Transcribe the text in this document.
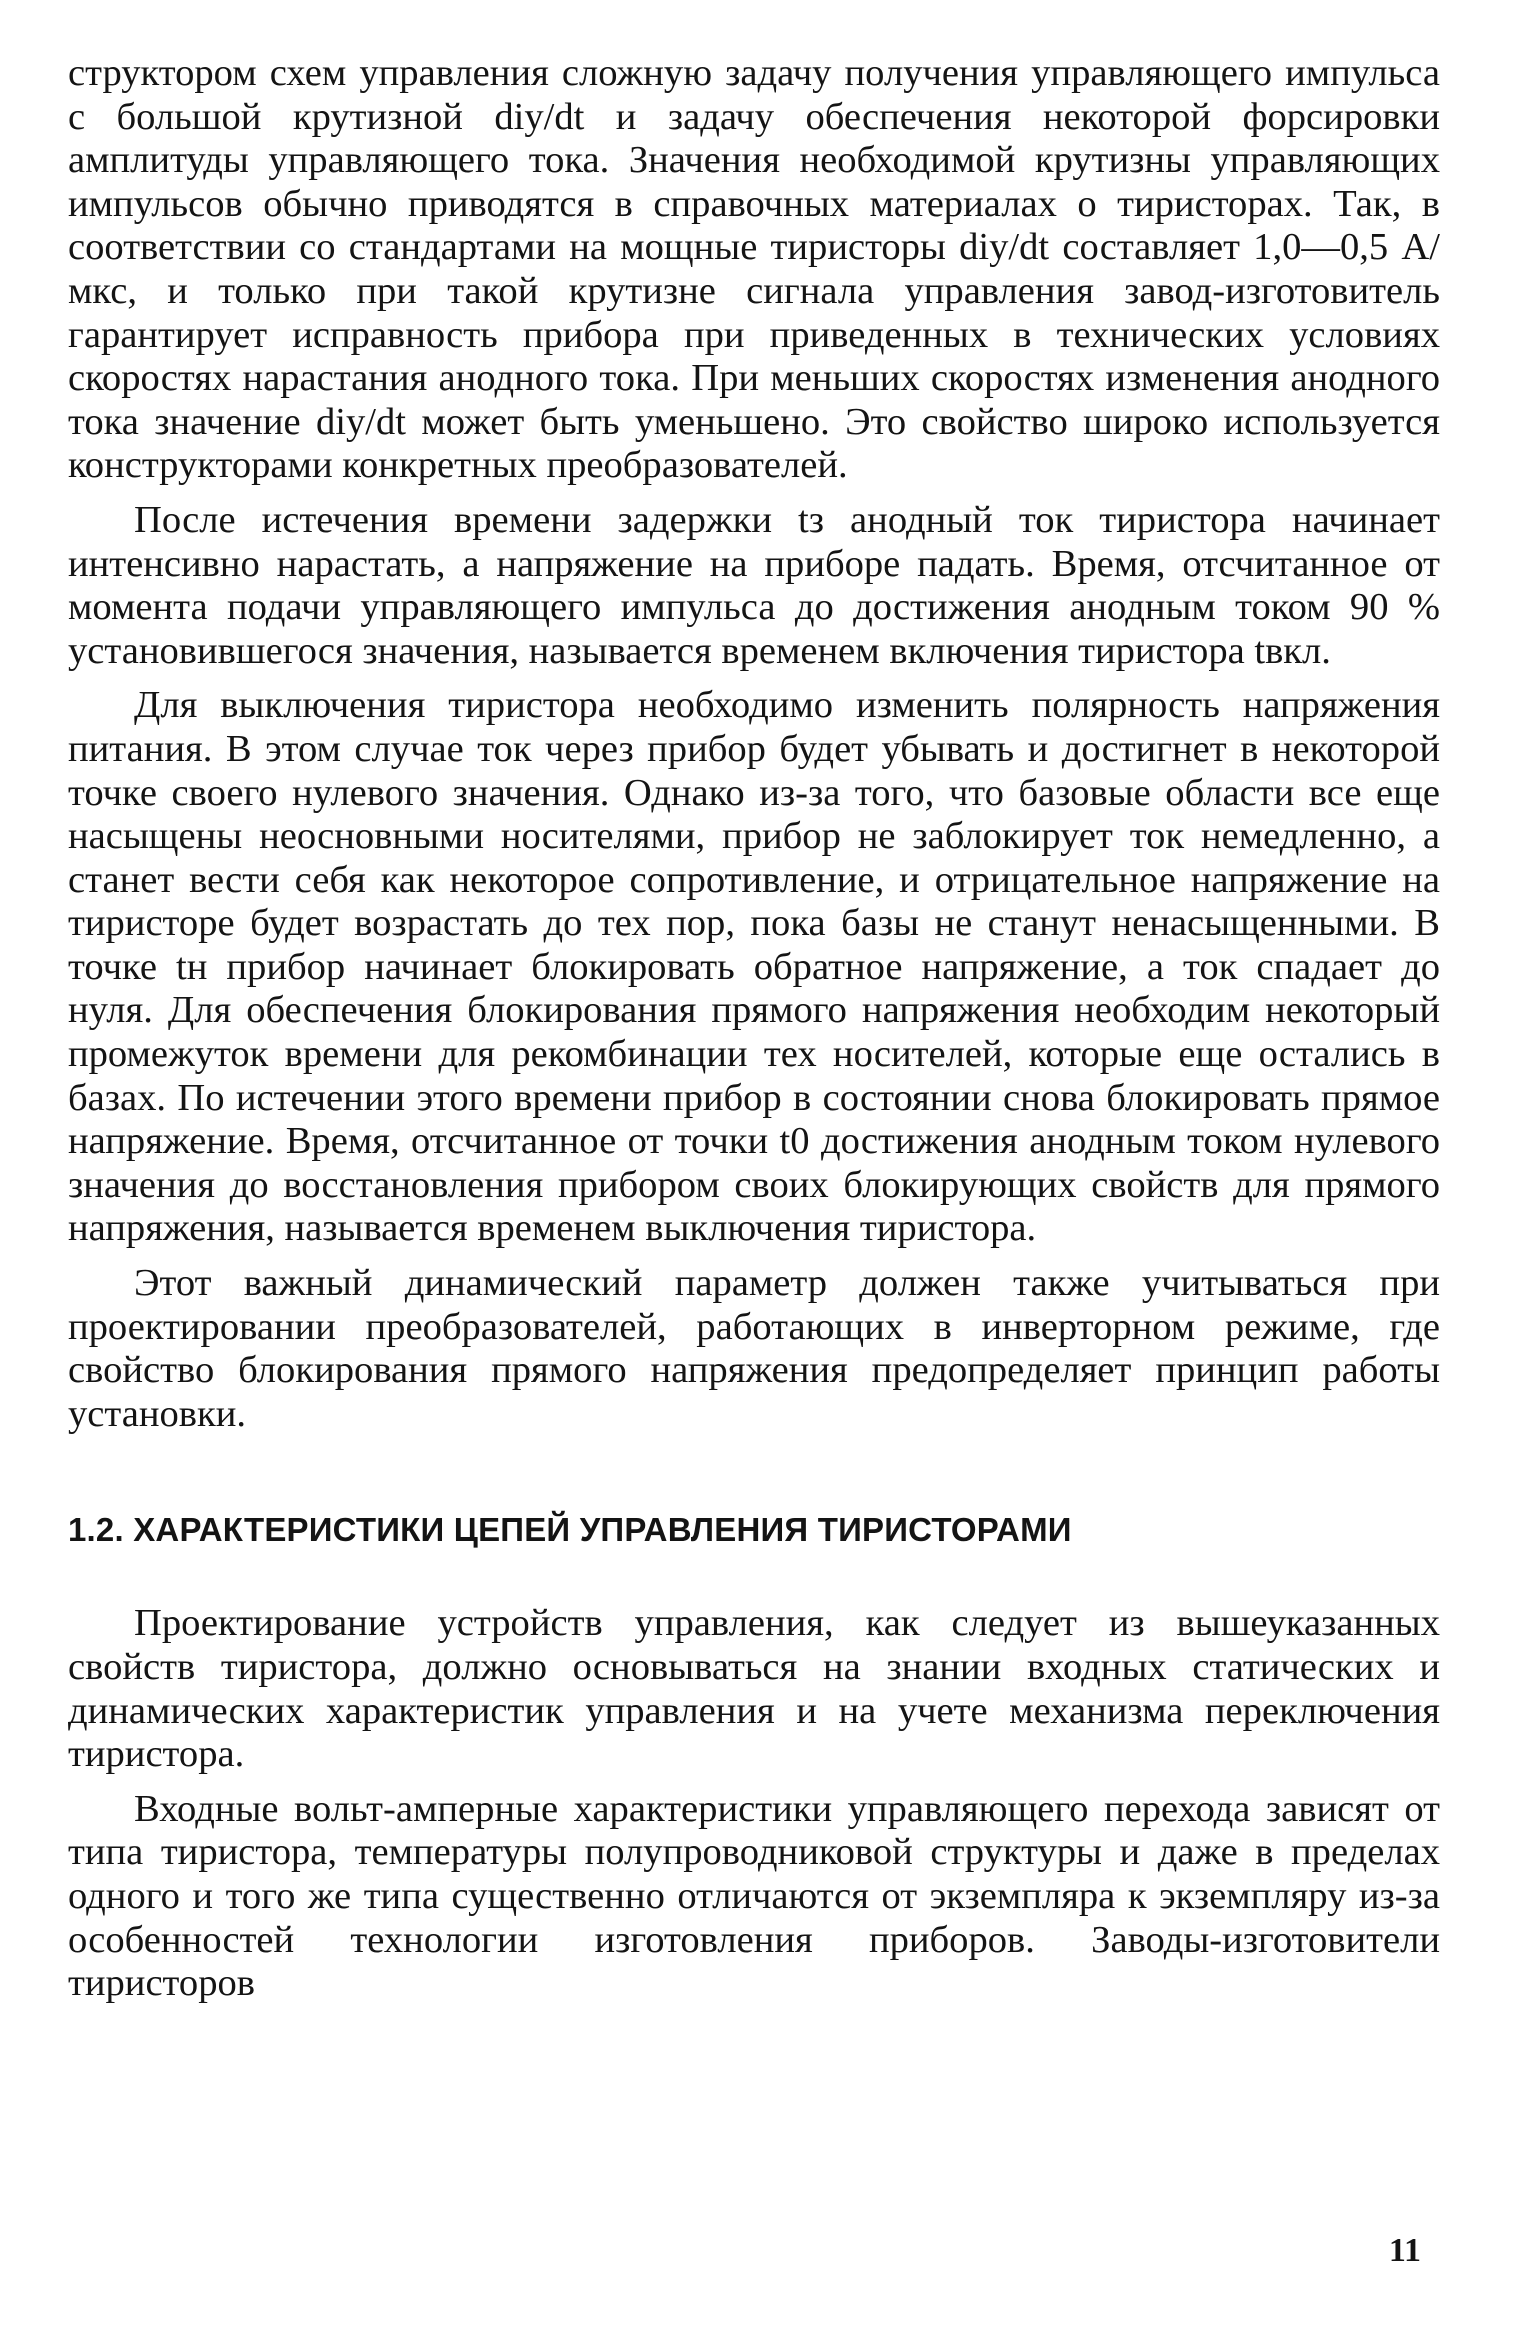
структором схем управления сложную задачу получения управляющего импульса с большой крутизной diу/dt и задачу обеспечения некоторой форсировки амплитуды управляющего тока. Значения необходимой крутизны управляющих импульсов обычно приводятся в справочных материалах о тиристорах. Так, в соответствии со стандартами на мощные тиристоры diу/dt составляет 1,0—0,5 А/мкс, и только при такой крутизне сигнала управления завод-изготовитель гарантирует исправность прибора при приведенных в технических условиях скоростях нарастания анодного тока. При меньших скоростях изменения анодного тока значение diу/dt может быть уменьшено. Это свойство широко используется конструкторами конкретных преобразователей.

После истечения времени задержки tз анодный ток тиристора начинает интенсивно нарастать, а напряжение на приборе падать. Время, отсчитанное от момента подачи управляющего импульса до достижения анодным током 90 % установившегося значения, называется временем включения тиристора tвкл.

Для выключения тиристора необходимо изменить полярность напряжения питания. В этом случае ток через прибор будет убывать и достигнет в некоторой точке своего нулевого значения. Однако из-за того, что базовые области все еще насыщены неосновными носителями, прибор не заблокирует ток немедленно, а станет вести себя как некоторое сопротивление, и отрицательное напряжение на тиристоре будет возрастать до тех пор, пока базы не станут ненасыщенными. В точке tн прибор начинает блокировать обратное напряжение, а ток спадает до нуля. Для обеспечения блокирования прямого напряжения необходим некоторый промежуток времени для рекомбинации тех носителей, которые еще остались в базах. По истечении этого времени прибор в состоянии снова блокировать прямое напряжение. Время, отсчитанное от точки t0 достижения анодным током нулевого значения до восстановления прибором своих блокирующих свойств для прямого напряжения, называется временем выключения тиристора.

Этот важный динамический параметр должен также учитываться при проектировании преобразователей, работающих в инверторном режиме, где свойство блокирования прямого напряжения предопределяет принцип работы установки.

1.2. ХАРАКТЕРИСТИКИ ЦЕПЕЙ УПРАВЛЕНИЯ ТИРИСТОРАМИ

Проектирование устройств управления, как следует из вышеуказанных свойств тиристора, должно основываться на знании входных статических и динамических характеристик управления и на учете механизма переключения тиристора.

Входные вольт-амперные характеристики управляющего перехода зависят от типа тиристора, температуры полупроводниковой структуры и даже в пределах одного и того же типа существенно отличаются от экземпляра к экземпляру из-за особенностей технологии изготовления приборов. Заводы-изготовители тиристоров

11
